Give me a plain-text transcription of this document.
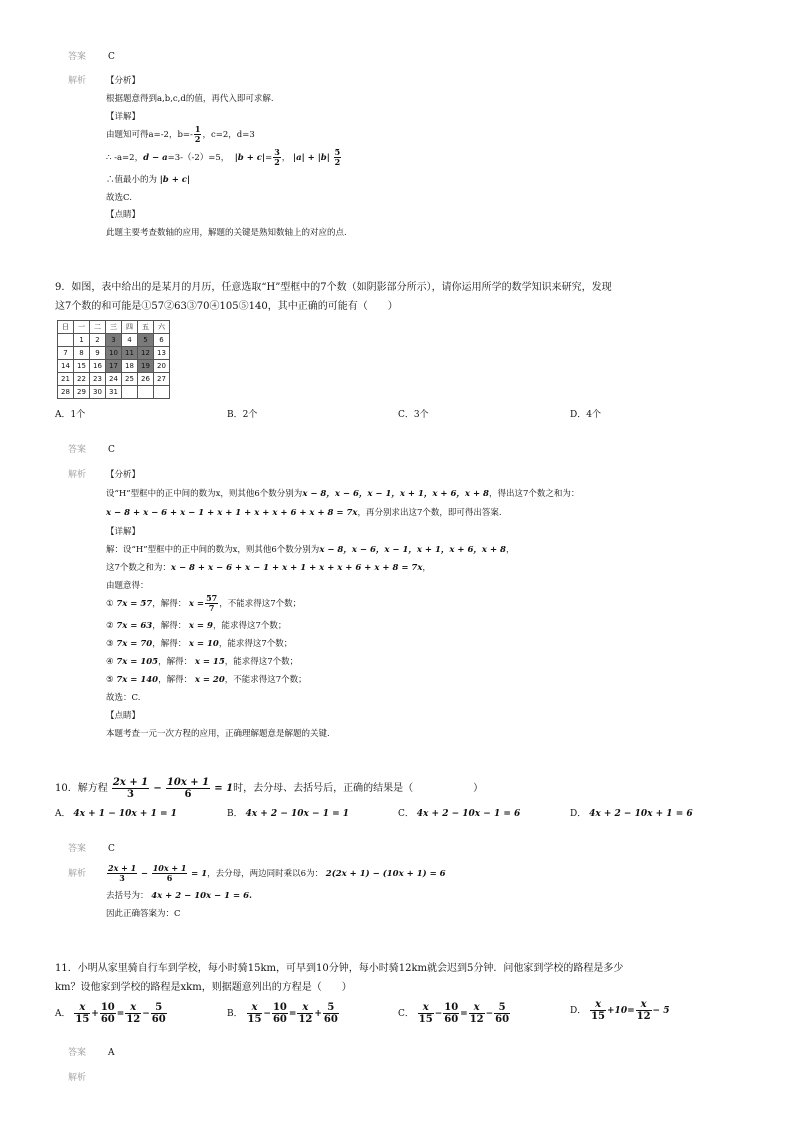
答案 C
解析 【分析】
根据题意得到a,b,c,d的值，再代入即可求解.
【详解】
由题知可得a=-2，$b=- \frac{1}{2}$ ，c=2，d=3
∴ -a=2，d − a=3-（-2）=5， $|b + c|= \frac{3}{2}$ ， $|a| + |b| \frac{5}{2}$
∴值最小的为 |b + c|
故选C.
【点睛】
此题主要考查数轴的应用，解题的关键是熟知数轴上的对应的点.
9．如图，表中给出的是某月的月历，任意选取“H”型框中的7个数（如阴影部分所示），请你运用所学的数学知识来研究，发现
这7个数的和可能是①57②63③70④105⑤140，其中正确的可能有（　　）
日	一	二	三	四	五	六
	1	2	3	4	5	6
7	8	9	10	11	12	13
14	15	16	17	18	19	20
21	22	23	24	25	26	27
28	29	30	31			
A．1个	B．2个	C．3个	D．4个
答案 C
解析 【分析】
设“H”型框中的正中间的数为x，则其他6个数分别为x − 8，x − 6，x − 1，x + 1，x + 6，x + 8，得出这7个数之和为：
x − 8 + x − 6 + x − 1 + x + 1 + x + x + 6 + x + 8 = 7x，再分别求出这7个数，即可得出答案.
【详解】
解：设“H”型框中的正中间的数为x，则其他6个数分别为x − 8，x − 6，x − 1，x + 1，x + 6，x + 8，
这7个数之和为：x − 8 + x − 6 + x − 1 + x + 1 + x + x + 6 + x + 8 = 7x，
由题意得：
① 7x = 57，解得： $x = \frac{57}{7}$ ，不能求得这7个数；
② 7x = 63，解得： x = 9，能求得这7个数；
③ 7x = 70，解得： x = 10，能求得这7个数；
④ 7x = 105，解得： x = 15，能求得这7个数；
⑤ 7x = 140，解得： x = 20，不能求得这7个数；
故选：C.
【点睛】
本题考查一元一次方程的应用，正确理解题意是解题的关键.
10．解方程 $\frac{2x + 1}{3} - \frac{10x + 1}{6} = 1$时，去分母、去括号后，正确的结果是（　　　　　　）
A． 4x + 1 − 10x + 1 = 1	B． 4x + 2 − 10x − 1 = 1	C． 4x + 2 − 10x − 1 = 6	D． 4x + 2 − 10x + 1 = 6
答案 C
解析	$\frac{2x + 1}{3} - \frac{10x + 1}{6} = 1$，去分母，两边同时乘以6为： 2(2x + 1) − (10x + 1) = 6
去括号为： 4x + 2 − 10x − 1 = 6.
因此正确答案为：C
11．小明从家里骑自行车到学校，每小时骑15km，可早到10分钟，每小时骑12km就会迟到5分钟．问他家到学校的路程是多少
km？设他家到学校的路程是xkm，则据题意列出的方程是（　　）
A． $\frac{x}{15} + \frac{10}{60} = \frac{x}{12} - \frac{5}{60}$	B． $\frac{x}{15} - \frac{10}{60} = \frac{x}{12} + \frac{5}{60}$	C． $\frac{x}{15} - \frac{10}{60} = \frac{x}{12} - \frac{5}{60}$	D． $\frac{x}{15} +10= \frac{x}{12} - 5$
答案 A
解析
